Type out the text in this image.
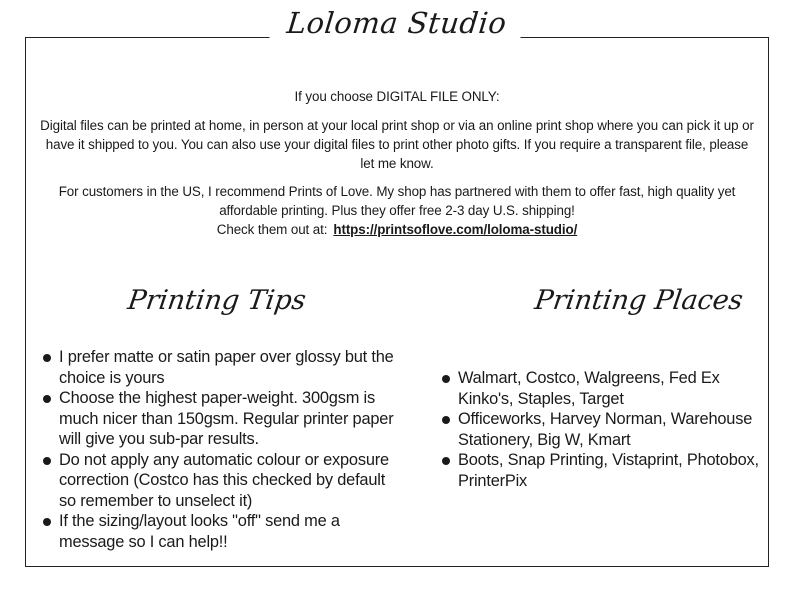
Loloma Studio

If you choose DIGITAL FILE ONLY:

Digital files can be printed at home, in person at your local print shop or via an online print shop where you can pick it up or have it shipped to you. You can also use your digital files to print other photo gifts. If you require a transparent file, please let me know.

For customers in the US, I recommend Prints of Love. My shop has partnered with them to offer fast, high quality yet affordable printing. Plus they offer free 2-3 day U.S. shipping!

Check them out at: https://printsoflove.com/loloma-studio/

Printing Tips	Printing Places
I prefer matte or satin paper over glossy but the choice is yours
Choose the highest paper-weight. 300gsm is much nicer than 150gsm. Regular printer paper will give you sub-par results.
Do not apply any automatic colour or exposure correction (Costco has this checked by default so remember to unselect it)
If the sizing/layout looks "off" send me a message so I can help!!
Walmart, Costco, Walgreens, Fed Ex Kinko's, Staples, Target
Officeworks, Harvey Norman, Warehouse Stationery, Big W, Kmart
Boots, Snap Printing, Vistaprint, Photobox, PrinterPix
